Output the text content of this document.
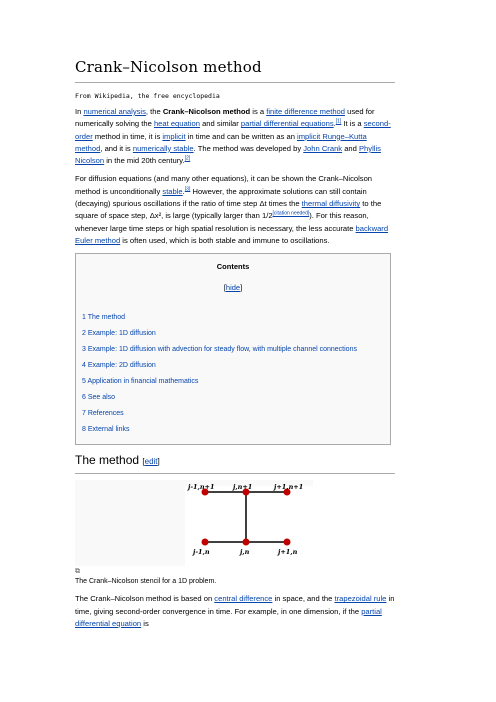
Crank–Nicolson method
From Wikipedia, the free encyclopedia

In numerical analysis, the Crank–Nicolson method is a finite difference method used for numerically solving the heat equation and similar partial differential equations.[1] It is a second-order method in time, it is implicit in time and can be written as an implicit Runge–Kutta method, and it is numerically stable. The method was developed by John Crank and Phyllis Nicolson in the mid 20th century.[2]

For diffusion equations (and many other equations), it can be shown the Crank–Nicolson method is unconditionally stable.[3] However, the approximate solutions can still contain (decaying) spurious oscillations if the ratio of time step Δt times the thermal diffusivity to the square of space step, Δx², is large (typically larger than 1/2[citation needed]). For this reason, whenever large time steps or high spatial resolution is necessary, the less accurate backward Euler method is often used, which is both stable and immune to oscillations.

Contents
[hide]
1 The method
2 Example: 1D diffusion
3 Example: 1D diffusion with advection for steady flow, with multiple channel connections
4 Example: 2D diffusion
5 Application in financial mathematics
6 See also
7 References
8 External links
The method [edit]
j-1,n+1	j,n+1	j+1,n+1
j-1,n	j,n	j+1,n
⧉
The Crank–Nicolson stencil for a 1D problem.

The Crank–Nicolson method is based on central difference in space, and the trapezoidal rule in time, giving second-order convergence in time. For example, in one dimension, if the partial differential equation is
